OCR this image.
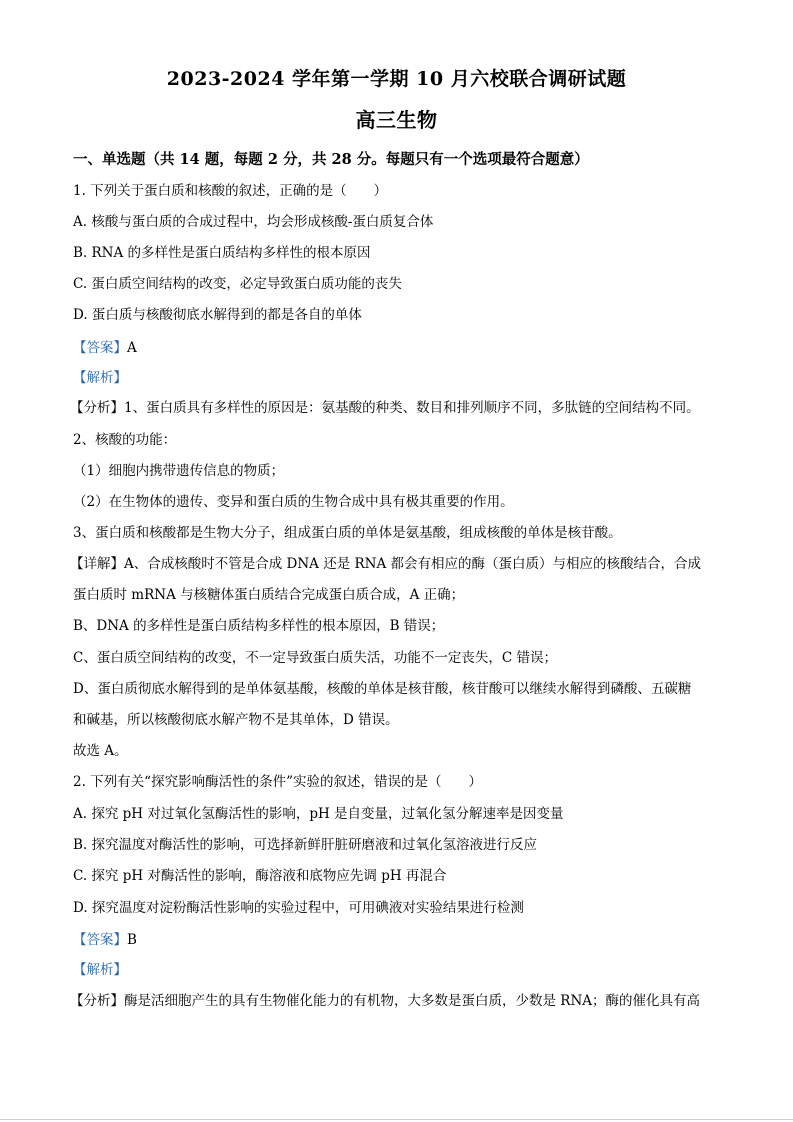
2023-2024 学年第一学期 10 月六校联合调研试题
高三生物
一、单选题（共 14 题，每题 2 分，共 28 分。每题只有一个选项最符合题意）
1. 下列关于蛋白质和核酸的叙述，正确的是（　　）
A. 核酸与蛋白质的合成过程中，均会形成核酸-蛋白质复合体
B. RNA 的多样性是蛋白质结构多样性的根本原因
C. 蛋白质空间结构的改变，必定导致蛋白质功能的丧失
D. 蛋白质与核酸彻底水解得到的都是各自的单体
【答案】A
【解析】
【分析】1、蛋白质具有多样性的原因是：氨基酸的种类、数目和排列顺序不同，多肽链的空间结构不同。
2、核酸的功能：
（1）细胞内携带遗传信息的物质；
（2）在生物体的遗传、变异和蛋白质的生物合成中具有极其重要的作用。
3、蛋白质和核酸都是生物大分子，组成蛋白质的单体是氨基酸，组成核酸的单体是核苷酸。
【详解】A、合成核酸时不管是合成 DNA 还是 RNA 都会有相应的酶（蛋白质）与相应的核酸结合，合成
蛋白质时 mRNA 与核糖体蛋白质结合完成蛋白质合成，A 正确；
B、DNA 的多样性是蛋白质结构多样性的根本原因，B 错误；
C、蛋白质空间结构的改变，不一定导致蛋白质失活，功能不一定丧失，C 错误；
D、蛋白质彻底水解得到的是单体氨基酸，核酸的单体是核苷酸，核苷酸可以继续水解得到磷酸、五碳糖
和碱基，所以核酸彻底水解产物不是其单体，D 错误。
故选 A。
2. 下列有关“探究影响酶活性的条件”实验的叙述，错误的是（　　）
A. 探究 pH 对过氧化氢酶活性的影响，pH 是自变量，过氧化氢分解速率是因变量
B. 探究温度对酶活性的影响，可选择新鲜肝脏研磨液和过氧化氢溶液进行反应
C. 探究 pH 对酶活性的影响，酶溶液和底物应先调 pH 再混合
D. 探究温度对淀粉酶活性影响的实验过程中，可用碘液对实验结果进行检测
【答案】B
【解析】
【分析】酶是活细胞产生的具有生物催化能力的有机物，大多数是蛋白质，少数是 RNA；酶的催化具有高
